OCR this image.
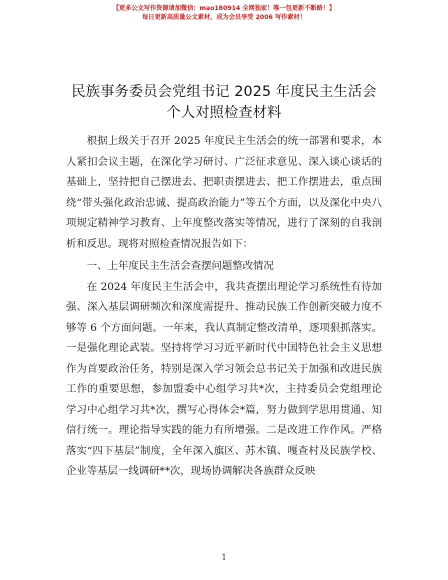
【更多公文写作资源请加微信：mao180914 全网独家！唯一包更新不断路！】
每日更新高质量公文素材，成为会员享受 2006 写作素材！
民族事务委员会党组书记 2025 年度民主生活会
个人对照检查材料

根据上级关于召开 2025 年度民主生活会的统一部署和要求，本人紧扣会议主题，在深化学习研讨、广泛征求意见、深入谈心谈话的基础上，坚持把自己摆进去、把职责摆进去、把工作摆进去，重点围绕“带头强化政治忠诚、提高政治能力”等五个方面，以及深化中央八项规定精神学习教育、上年度整改落实等情况，进行了深刻的自我剖析和反思。现将对照检查情况报告如下：

一、上年度民主生活会查摆问题整改情况

在 2024 年度民主生活会中，我共查摆出理论学习系统性有待加强、深入基层调研频次和深度需提升、推动民族工作创新突破力度不够等 6 个方面问题。一年来，我认真制定整改清单，逐项狠抓落实。一是强化理论武装。坚持将学习习近平新时代中国特色社会主义思想作为首要政治任务，特别是深入学习领会总书记关于加强和改进民族工作的重要思想，参加盟委中心组学习共*次，主持委员会党组理论学习中心组学习共*次，撰写心得体会*篇，努力做到学思用贯通、知信行统一。理论指导实践的能力有所增强。二是改进工作作风。严格落实“四下基层”制度，全年深入旗区、苏木镇、嘎查村及民族学校、企业等基层一线调研**次，现场协调解决各族群众反映

1
